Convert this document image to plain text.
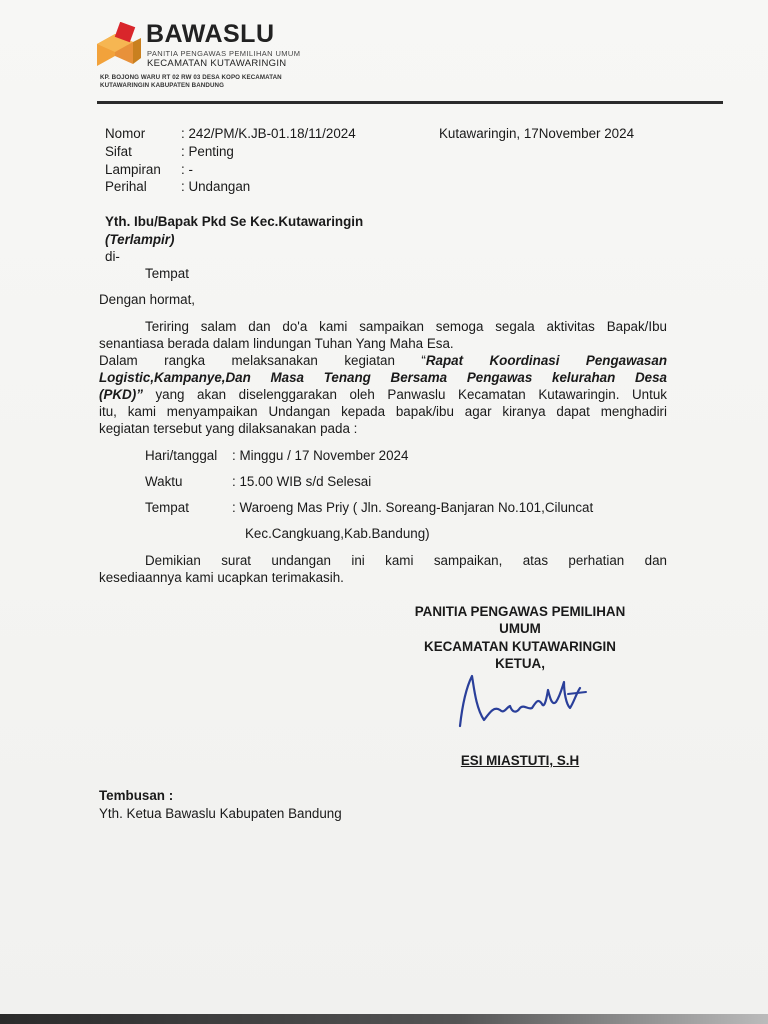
BAWASLU
PANITIA PENGAWAS PEMILIHAN UMUM
KECAMATAN KUTAWARINGIN
KP. BOJONG WARU RT 02 RW 03 DESA KOPO KECAMATAN
KUTAWARINGIN KABUPATEN BANDUNG
Nomor	: 242/PM/K.JB-01.18/11/2024	Kutawaringin, 17November 2024
Sifat	: Penting
Lampiran : -
Perihal	: Undangan
Yth. Ibu/Bapak Pkd Se Kec.Kutawaringin
(Terlampir)
di-
Tempat
Dengan hormat,
Teriring salam dan do'a kami sampaikan semoga segala aktivitas Bapak/Ibu
senantiasa berada dalam lindungan Tuhan Yang Maha Esa.
Dalam rangka melaksanakan kegiatan “Rapat Koordinasi Pengawasan
Logistic,Kampanye,Dan Masa Tenang Bersama Pengawas kelurahan Desa
(PKD)” yang akan diselenggarakan oleh Panwaslu Kecamatan Kutawaringin. Untuk
itu, kami menyampaikan Undangan kepada bapak/ibu agar kiranya dapat menghadiri
kegiatan tersebut yang dilaksanakan pada :
Hari/tanggal : Minggu / 17 November 2024
Waktu	: 15.00 WIB s/d Selesai
Tempat	: Waroeng Mas Priy ( Jln. Soreang-Banjaran No.101,Ciluncat
Kec.Cangkuang,Kab.Bandung)
Demikian surat undangan ini kami sampaikan, atas perhatian dan
kesediaannya kami ucapkan terimakasih.
PANITIA PENGAWAS PEMILIHAN
UMUM
KECAMATAN KUTAWARINGIN
KETUA,
ESI MIASTUTI, S.H
Tembusan :
Yth. Ketua Bawaslu Kabupaten Bandung
